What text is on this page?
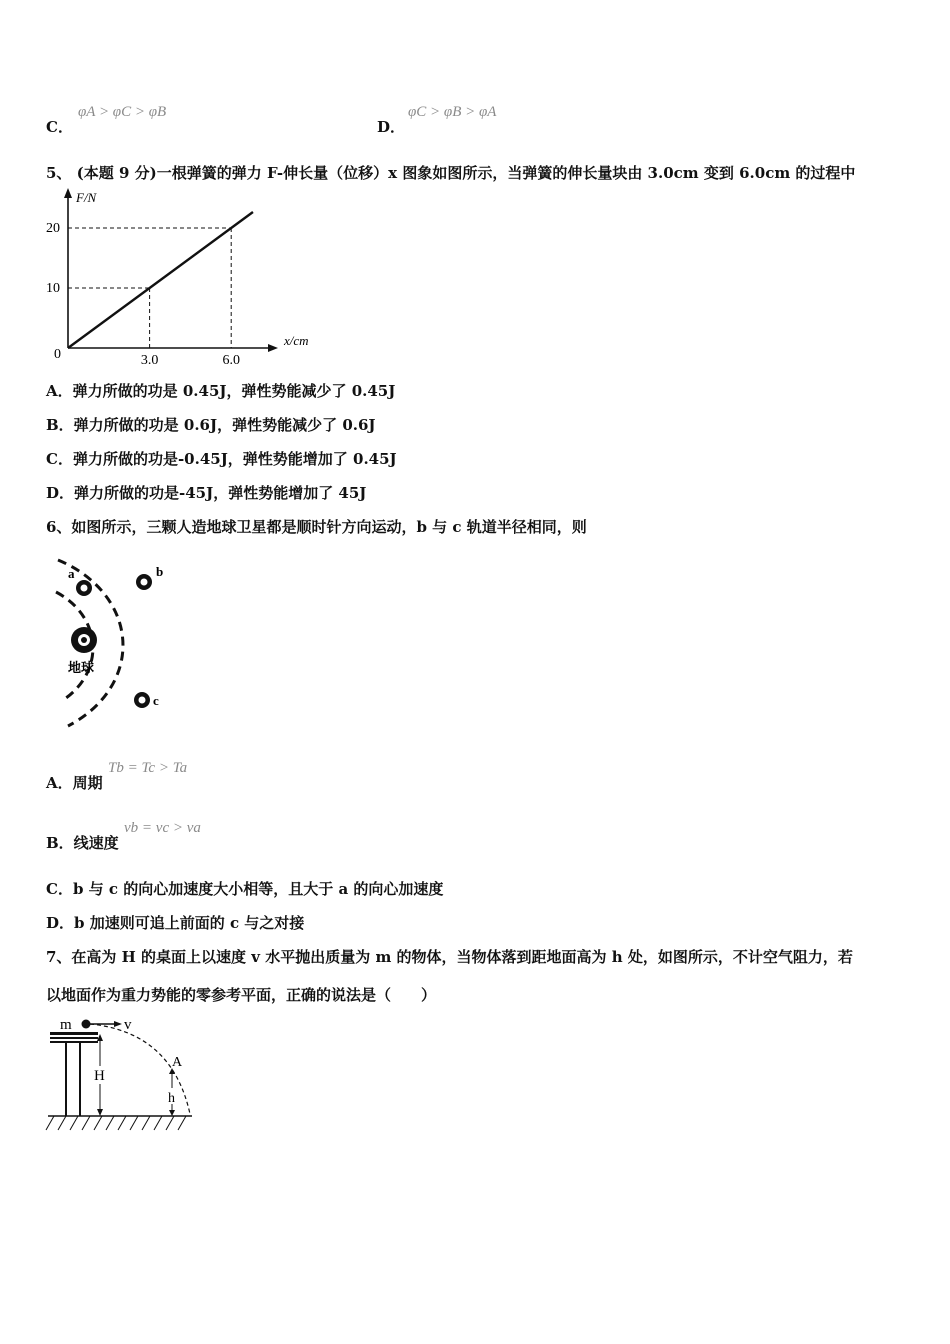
C．
φA > φC > φB
D．
φC > φB > φA
5、 (本题 9 分)一根弹簧的弹力 F-伸长量（位移）x 图象如图所示，当弹簧的伸长量块由 3.0cm 变到 6.0cm 的过程中
0	3.0	6.0
10
20
F/N
x/cm
A．弹力所做的功是 0.45J，弹性势能减少了 0.45J
B．弹力所做的功是 0.6J，弹性势能减少了 0.6J
C．弹力所做的功是-0.45J，弹性势能增加了 0.45J
D．弹力所做的功是-45J，弹性势能增加了 45J
6、如图所示，三颗人造地球卫星都是顺时针方向运动，b 与 c 轨道半径相同，则
地球
a	b
c
A．周期
Tb = Tc > Ta
B．线速度
vb = vc > va
C．b 与 c 的向心加速度大小相等，且大于 a 的向心加速度
D．b 加速则可追上前面的 c 与之对接
7、在高为 H 的桌面上以速度 v 水平抛出质量为 m 的物体，当物体落到距地面高为 h 处，如图所示，不计空气阻力，若
以地面作为重力势能的零参考平面，正确的说法是（　　）
m	v
H
A
h
